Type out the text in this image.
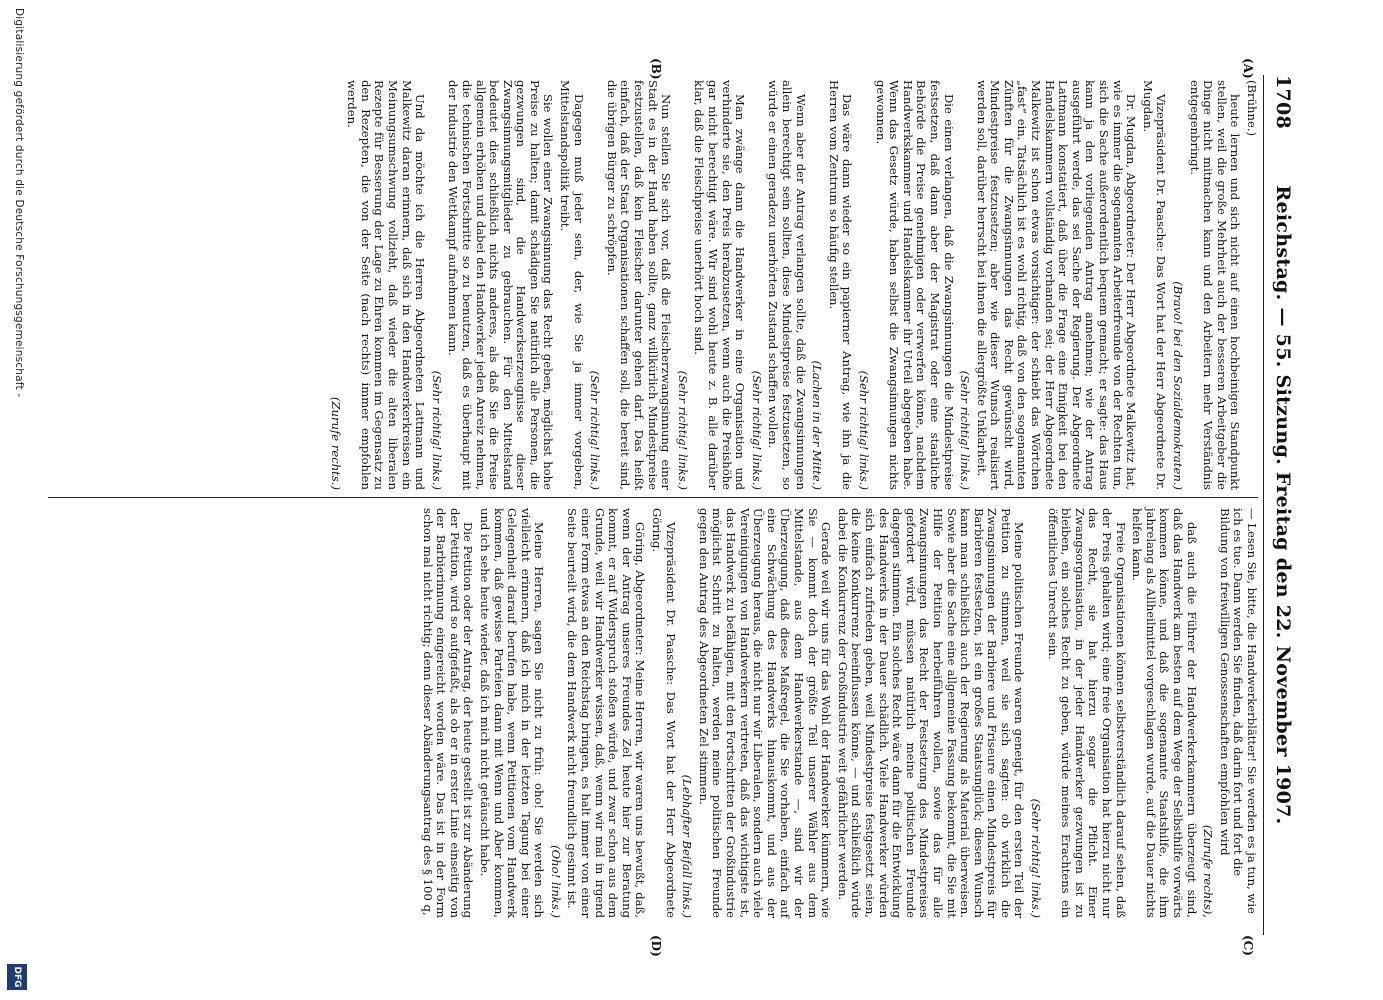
1708
Reichstag. — 55. Sitzung. Freitag den 22. November 1907.
(A)
(B)
(C)
(D)

(Brühne.)

heute lernen und sich nicht auf einen hochbeinigen Standpunkt stellen, weil die große Mehrheit auch der besseren Arbeitgeber die Dinge nicht mitmachen kann und den Arbeitern mehr Verständnis entgegenbringt.

(Bravo! bei den Sozialdemokraten.)

Vizepräsident Dr. Paasche: Das Wort hat der Herr Abgeordnete Dr. Mugdan.

Dr. Mugdan, Abgeordneter: Der Herr Abgeordnete Malkewitz hat, wie es immer die sogenannten Arbeiterfreunde von der Rechten tun, sich die Sache außerordentlich bequem gemacht; er sagte: das Haus kann ja den vorliegenden Antrag annehmen; wie der Antrag ausgeführt werde, das sei Sache der Regierung. Der Abgeordnete Lattmann konstatiert, daß über die Frage eine Einigkeit bei den Handelskammern vollständig vorhanden sei; der Herr Abgeordnete Malkewitz ist schon etwas vorsichtiger: der schiebt das Wörtchen „fast“ ein. Tatsächlich ist es wohl richtig, daß von den sogenannten Zünften für die Zwangsinnungen das Recht gewünscht wird, Mindestpreise festzusetzen; aber wie dieser Wunsch realisiert werden soll, darüber herrscht bei ihnen die allergrößte Unklarheit.

(Sehr richtig! links.)

Die einen verlangen, daß die Zwangsinnungen die Mindestpreise festsetzen, daß dann aber der Magistrat oder eine staatliche Behörde die Preise genehmigen oder verwerfen könne, nachdem Handwerkskammer und Handelskammer ihr Urteil abgegeben habe. Wenn das Gesetz würde, haben selbst die Zwangsinnungen nichts gewonnen.

(Sehr richtig! links.)

Das wäre dann wieder so ein papierner Antrag, wie ihn ja die Herren vom Zentrum so häufig stellen.

(Lachen in der Mitte.)

Wenn aber der Antrag verlangen sollte, daß die Zwangsinnungen allein berechtigt sein sollten, diese Mindestpreise festzusetzen, so würde er einen geradezu unerhörten Zustand schaffen wollen.

(Sehr richtig! links.)

Man zwänge dann die Handwerker in eine Organisation und verhinderte sie, den Preis herabzusetzen, wenn auch die Preishöhe gar nicht berechtigt wäre. Wir sind wohl heute z. B. alle darüber klar, daß die Fleischpreise unerhört hoch sind.

(Sehr richtig! links.)

Nun stellen Sie sich vor, daß die Fleischerzwangsinnung einer Stadt es in der Hand haben sollte, ganz willkürlich Mindestpreise festzustellen, daß kein Fleischer darunter gehen darf. Das heißt einfach, daß der Staat Organisationen schaffen soll, die bereit sind, die übrigen Bürger zu schröpfen.

(Sehr richtig! links.)

Dagegen muß jeder sein, der, wie Sie ja immer vorgeben, Mittelstandspolitik treibt.

Sie wollen einer Zwangsinnung das Recht geben, möglichst hohe Preise zu halten; damit schädigen Sie natürlich alle Personen, die gezwungen sind, die Handwerkserzeugnisse dieser Zwangsinnungsmitglieder zu gebrauchen. Für den Mittelstand bedeutet dies schließlich nichts anderes, als daß Sie die Preise allgemein erhöhen und dabei den Handwerker jeden Anreiz nehmen, die technischen Fortschritte so zu benutzen, daß es überhaupt mit der Industrie den Wettkampf aufnehmen kann.

(Sehr richtig! links.)

Und da möchte ich die Herren Abgeordneten Lattmann und Malkewitz daran erinnern, daß sich in den Handwerkerkreisen ein Meinungsumschwung vollzieht, daß wieder die alten liberalen Rezepte für Besserung der Lage zu Ehren kommen im Gegensatz zu den Rezepten, die von der Seite (nach rechts) immer empfohlen werden.

(Zurufe rechts.)

— Lesen Sie, bitte, die Handwerkerblätter! Sie werden es ja tun, wie ich es tue. Dann werden Sie finden, daß darin fort und fort die Bildung von freiwilligen Genossenschaften empfohlen wird

(Zurufe rechts),

daß auch die Führer der Handwerkerkammern überzeugt sind, daß das Handwerk am besten auf dem Wege der Selbsthilfe vorwärts kommen könne, und daß die sogenannte Staatshilfe, die ihm jahrelang als Allheilmittel vorgeschlagen wurde, auf die Dauer nichts helfen kann.

Freie Organisationen können selbstverständlich darauf sehen, daß der Preis gehalten wird; eine freie Organisation hat hierzu nicht nur das Recht, sie hat hierzu sogar die Pflicht. Einer Zwangsorganisation, in der jeder Handwerker gezwungen ist zu bleiben, ein solches Recht zu geben, würde meines Erachtens ein öffentliches Unrecht sein.

(Sehr richtig! links.)

Meine politischen Freunde waren geneigt, für den ersten Teil der Petition zu stimmen, weil sie sich sagten: ob wirklich die Zwangsinnungen der Barbiere und Friseure einen Mindestpreis für Barbieren festsetzen, ist ein großes Staatsunglück; diesen Wunsch kann man schließlich auch der Regierung als Material überweisen. Sowie aber die Sache eine allgemeine Fassung bekommt, die Sie mit Hilfe der Petition herbeiführen wollen, sowie das für alle Zwangsinnungen das Recht der Festsetzung des Mindestpreises gefordert wird, müssen natürlich meine politischen Freunde dagegen stimmen. Ein solches Recht wäre dann für die Entwicklung des Handwerks in der Dauer schädlich. Viele Handwerker würden sich einfach zufrieden geben, weil Mindestpreise festgesetzt seien, die keine Konkurrenz beeinflussen könne, — und schließlich würde dabei die Konkurrenz der Großindustrie weit gefährlicher werden.

Gerade weil wir uns für das Wohl der Handwerker kümmern, wie Sie — kommt doch der größte Teil unserer Wähler aus dem Mittelstande, aus dem Handwerkerstande —, sind wir der Überzeugung, daß diese Maßregel, die Sie vorhaben, einfach auf eine Schwächung des Handwerks hinauskommt, und aus der Überzeugung heraus, die nicht nur wir Liberalen, sondern auch viele Vereinigungen von Handwerkern vertreten, daß das wichtigste ist, das Handwerk zu befähigen, mit den Fortschritten der Großindustrie möglichst Schritt zu halten, werden meine politischen Freunde gegen den Antrag des Abgeordneten Zel stimmen.

(Lebhafter Beifall links.)

Vizepräsident Dr. Paasche: Das Wort hat der Herr Abgeordnete Göring.

Göring, Abgeordneter: Meine Herren, wir waren uns bewußt, daß, wenn der Antrag unseres Freundes Zel heute hier zur Beratung kommt, er auf Widerspruch stoßen würde, und zwar schon aus dem Grunde, weil wir Handwerker wissen, daß, wenn wir mal in irgend einer Form etwas an den Reichstag bringen, es halt immer von einer Seite beurteilt wird, die dem Handwerk nicht freundlich gesinnt ist.

(Oho! links.)

Meine Herren, sagen Sie nicht zu früh: oho! Sie werden sich vielleicht erinnern, daß ich mich in der letzten Tagung bei einer Gelegenheit darauf berufen habe, wenn Petitionen vom Handwerk kommen, daß gewisse Parteien dann mit Wenn und Aber kommen, und ich sehe heute wieder, daß ich mich nicht getäuscht habe.

Die Petition oder der Antrag, der heute gestellt ist zur Abänderung der Petition, wird so aufgefaßt, als ob er in erster Linie einseitig von der Barbierinnung eingereicht worden wäre. Das ist in der Form schon mal nicht richtig; denn dieser Abänderungsantrag des § 100 q,

Digitalisierung gefördert durch die Deutsche Forschungsgemeinschaft -
DFG
